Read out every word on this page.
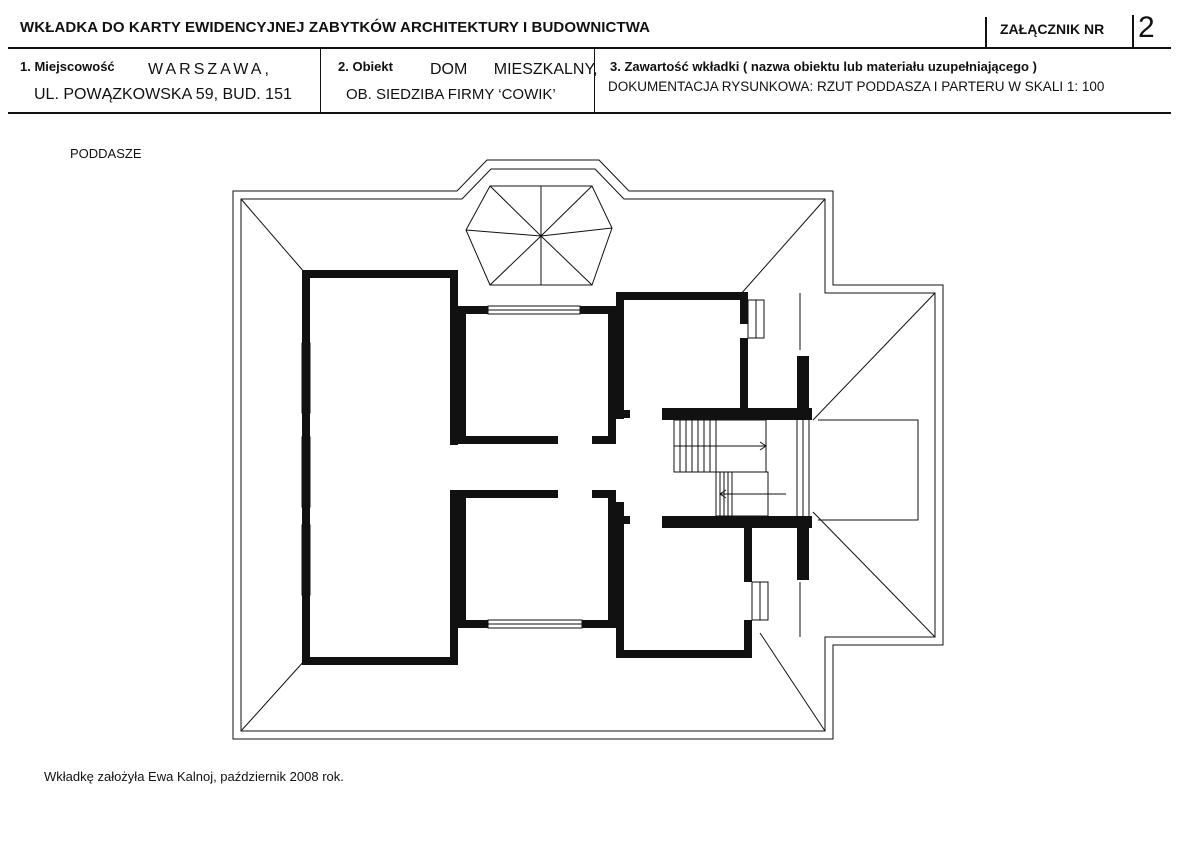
WKŁADKA DO KARTY EWIDENCYJNEJ ZABYTKÓW ARCHITEKTURY I BUDOWNICTWA	ZAŁĄCZNIK NR 2
1. Miejscowość WARSZAWA,
UL. POWĄZKOWSKA 59, BUD. 151
2. Obiekt DOM MIESZKALNY,
OB. SIEDZIBA FIRMY ‘COWIK’
3. Zawartość wkładki ( nazwa obiektu lub materiału uzupełniającego )
DOKUMENTACJA RYSUNKOWA: RZUT PODDASZA I PARTERU W SKALI 1: 100
PODDASZE
Wkładkę założyła Ewa Kalnoj, październik 2008 rok.
